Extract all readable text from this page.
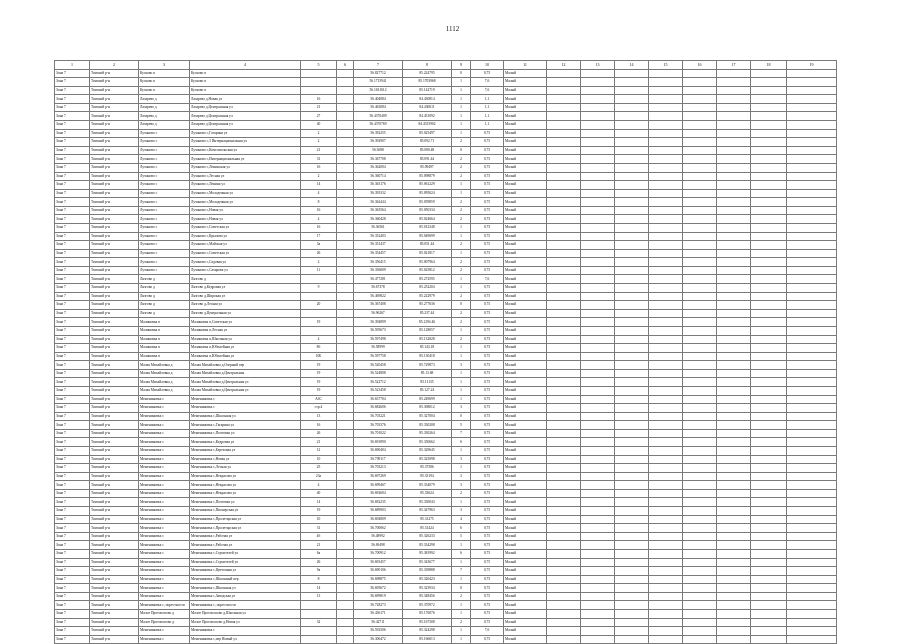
1112
1	2	3	4	5	6	7	8	9	10	11	12	13	14	15	16	17	18	19
Зона 7	Томский р-н	Кусково п	Кусково п			56.827712	85.224795	0	0,75	Малый								
Зона 7	Томский р-н	Кусково п	Кусково п			56.1715941	85.1703968	1	7,6	Малый								
Зона 7	Томский р-н	Кусково п	Кусково п			56.1631612	85.142719	1	7,6	Малый								
Зона 7	Томский р-н	Лазарево д	Лазарево д,Новая ул	16		56.404084	84.430814	1	1,1	Малый								
Зона 7	Томский р-н	Лазарево д	Лазарево д,Центральная ул	21		56.463084	84.430611	1	1,1	Малый								
Зона 7	Томский р-н	Лазарево д	Лазарево д,Центральная ул	27		56.4370409	84.431092	1	1,1	Малый								
Зона 7	Томский р-н	Лазарево д	Лазарево д,Центральная ул	40		56.4370769	84.4315902	1	1,1	Малый								
Зона 7	Томский р-н	Лучаново с	Лучаново с,Гагарина ул	2		56.392255	85.025497	1	0,75	Малый								
Зона 7	Томский р-н	Лучаново с	Лучаново с,3 Интернациональная ул	2		56.392907	85.092.71	2	0,75	Малый								
Зона 7	Томский р-н	Лучаново с	Лучаново с,Комсомольская ул	21		56.3698	85.080.48	0	0,75	Малый								
Зона 7	Томский р-н	Лучаново с	Лучаново с,Интернациональная ул	31		56.367708	85.091.44	2	0,75	Малый								
Зона 7	Томский р-н	Лучаново с	Лучаново с,Ленинская ул	16		56.362004	85.09497	2	0,75	Малый								
Зона 7	Томский р-н	Лучаново с	Лучаново с,Лесная ул	2		56.360714	85.098879	2	0,75	Малый								
Зона 7	Томский р-н	Лучаново с	Лучаново с,Ленина ул	14		56.363176	85.061229	1	0,75	Малый								
Зона 7	Томский р-н	Лучаново с	Лучаново с,Молодежная ул	4		56.393332	85.095024	1	0,75	Малый								
Зона 7	Томский р-н	Лучаново с	Лучаново с,Молодежная ул	8		56.362444	85.059859	2	0,75	Малый								
Зона 7	Томский р-н	Лучаново с	Лучаново с,Новая ул	16		56.363564	85.050334	2	0,75	Малый								
Зона 7	Томский р-н	Лучаново с	Лучаново с,Новая ул	4		56.360428	85.024664	2	0,75	Малый								
Зона 7	Томский р-н	Лучаново с	Лучаново с,Советская ул	16		56.36561	85.012348	1	0,75	Малый								
Зона 7	Томский р-н	Лучаново с	Лучаново с,Крылова ул	17		56.352403	85.049699	1	0,75	Малый								
Зона 7	Томский р-н	Лучаново с	Лучаново с,Майская ул	3а		56.351437	85.051.44	2	0,75	Малый								
Зона 7	Томский р-н	Лучаново с	Лучаново с,Советская ул	26		56.354457	85.021817	1	0,75	Малый								
Зона 7	Томский р-н	Лучаново с	Лучаново с,Садовая ул	2		56.356415	85.007964	2	0,75	Малый								
Зона 7	Томский р-н	Лучаново с	Лучаново с,Сахарова ул	11		56.356009	85.025812	2	0,75	Малый								
Зона 7	Томский р-н	Лязгово д	Лязгово д			56.477281	85.272595	1	7,6	Малый								
Зона 7	Томский р-н	Лязгово д	Лязгово д,Кедровая ул	9		56.67378	85.252204	1	0,75	Малый								
Зона 7	Томский р-н	Лязгово д	Лязгово д,Широкая ул			56.469822	85.222979	2	0,75	Малый								
Зона 7	Томский р-н	Лязгово д	Лязгово д,Лесная ул	20		56.367408	85.277636	0	0,75	Малый								
Зона 7	Томский р-н	Лязгово д	Лязгово д,Центральная ул			56.96267	85.237.44	2	0,75	Малый								
Зона 7	Томский р-н	Малиновка п	Малиновка п,Советская ул	19		56.394899	85.1294.46	2	0,75	Малый								
Зона 7	Томский р-н	Малиновка п	Малиновка п,Лесная ул			56.595673	85.128057	1	0,75	Малый								
Зона 7	Томский р-н	Малиновка п	Малиновка п,Школьная ул	4		56.597498	85.132828	2	0,75	Малый								
Зона 7	Томский р-н	Малиновка п	Малиновка п,Юбилейная ул	8б		56.58999	85.143.18	1	0,75	Малый								
Зона 7	Томский р-н	Малиновка п	Малиновка п,Юбилейная ул	10Б		56.597758	85.130418	1	0,75	Малый								
Зона 7	Томский р-н	Малая Михайловка д	Малая Михайловка д,Озерный пер	19		56.520458	85.729873	3	0,75	Малый								
Зона 7	Томский р-н	Малая Михайловка д	Малая Михайловка д,Центральная	19		56.524808	85.13.68	1	0,75	Малый								
Зона 7	Томский р-н	Малая Михайловка д	Малая Михайловка д,Центральная ул	19		56.522712	85.11135	1	0,75	Малый								
Зона 7	Томский р-н	Малая Михайловка д	Малая Михайловка д,Центральная ул	19		56.523458	85.127.24	1	0,75	Малый								
Зона 7	Томский р-н	Межениновка с	Межениновка с	АЗС		56.637704	85.249699	1	0,75	Малый								
Зона 7	Томский р-н	Межениновка с	Межениновка с	стр.4		56.682606	85.308012	3	0,75	Малый								
Зона 7	Томский р-н	Межениновка с	Межениновка с,Школьная ул	13		56.703221	85.327004	0	0,75	Малый								
Зона 7	Томский р-н	Межениновка с	Межениновка с,Гагарина ул	16		56.703376	85.330208	5	0,75	Малый								
Зона 7	Томский р-н	Межениновка с	Межениновка с,Почтовая ул	26		56.701022	85.330264	7	0,75	Малый								
Зона 7	Томский р-н	Межениновка с	Межениновка с,Кедровая ул	21		56.691890	85.330662	6	0,75	Малый								
Зона 7	Томский р-н	Межениновка с	Межениновка с,Березовая ул	12		56.690404	85.329645	1	0,75	Малый								
Зона 7	Томский р-н	Межениновка с	Межениновка с,Новая ул	10		56.709117	85.325098	3	0,75	Малый								
Зона 7	Томский р-н	Межениновка с	Межениновка с,Лесная ул	25		56.703213	85.37586	1	0,75	Малый								
Зона 7	Томский р-н	Межениновка с	Межениновка с,Некрасова ул	23а		56.697269	85.33194	3	0,75	Малый								
Зона 7	Томский р-н	Межениновка с	Межениновка с,Некрасова ул	4		56.699467	85.334079	3	0,75	Малый								
Зона 7	Томский р-н	Межениновка с	Межениновка с,Некрасова ул	40		56.692604	85.33624	2	0,75	Малый								
Зона 7	Томский р-н	Межениновка с	Межениновка с,Почтовая ул	14		56.692235	85.330043	1	0,75	Малый								
Зона 7	Томский р-н	Межениновка с	Межениновка с,Пионерская ул	19		56.689903	85.347963	3	0,75	Малый								
Зона 7	Томский р-н	Межениновка с	Межениновка с,Пролетарская ул	10		56.694809	85.31275	4	0,75	Малый								
Зона 7	Томский р-н	Межениновка с	Межениновка с,Пролетарская ул	31		56.700062	85.31424	6	0,75	Малый								
Зона 7	Томский р-н	Межениновка с	Межениновка с,Рабочая ул	4б		56.48992	85.326233	5	0,75	Малый								
Зона 7	Томский р-н	Межениновка с	Межениновка с,Рабочая ул	21		56.69498	85.334298	1	0,75	Малый								
Зона 7	Томский р-н	Межениновка с	Межениновка с,Строителей ул	6а		56.700912	85.381992	6	0,75	Малый								
Зона 7	Томский р-н	Межениновка с	Межениновка с,Строителей ул	26		56.693457	85.343677	1	0,75	Малый								
Зона 7	Томский р-н	Межениновка с	Межениновка с,Цветочная ул	9а		56.690106	85.339888	7	0,75	Малый								
Зона 7	Томский р-н	Межениновка с	Межениновка с,Школьный пер	8		56.698875	85.320423	1	0,75	Малый								
Зона 7	Томский р-н	Межениновка с	Межениновка с,Школьная ул	14		56.695672	85.323934	0	0,75	Малый								
Зона 7	Томский р-н	Межениновка с	Межениновка с,Заводская ул	13		56.699819	85.348456	2	0,75	Малый								
Зона 7	Томский р-н	Межениновка с, окрестности	Межениновка с, окрестности			56.728273	85.370972	1	0,75	Малый								
Зона 7	Томский р-н	Малое Протопопово д	Малое Протопопово д,Школьная ул			56.436171	85.176076	1	0,75	Малый								
Зона 7	Томский р-н	Малое Протопопово д	Малое Протопопово д,Новая ул	32		56.42711	85.167308	2	0,75	Малый								
Зона 7	Томский р-н	Межениновка с	Межениновка с			56.592506	85.324298	1	7,6	Малый								
Зона 7	Томский р-н	Межениновка с	Межениновка с,пер Новый ул			56.306472	85.166013	1	0,75	Малый								
